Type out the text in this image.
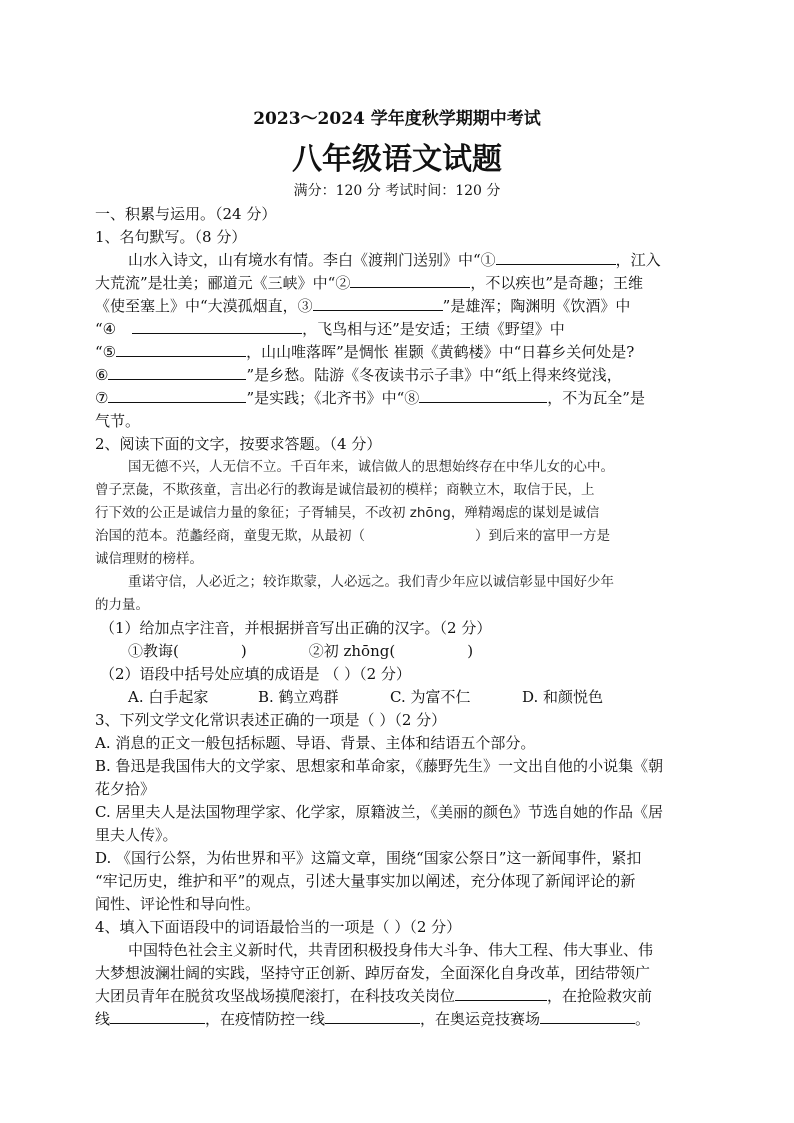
2023～2024 学年度秋学期期中考试
八年级语文试题
满分：120 分 考试时间：120 分
一、积累与运用。（24 分）
1、名句默写。（8 分）
山水入诗文，山有境水有情。李白《渡荆门送别》中“①	，江入
大荒流”是壮美；郦道元《三峡》中“②	，不以疾也”是奇趣；王维
《使至塞上》中“大漠孤烟直，③	”是雄浑；陶渊明《饮酒》中
“④	，飞鸟相与还”是安适；王绩《野望》中
“⑤	，山山唯落晖”是惆怅 崔颢《黄鹤楼》中“日暮乡关何处是?
⑥	”是乡愁。陆游《冬夜读书示子聿》中“纸上得来终觉浅，
⑦	”是实践；《北齐书》中“⑧	，不为瓦全”是
气节。
2、阅读下面的文字，按要求答题。（4 分）
国无德不兴，人无信不立。千百年来，诚信做人的思想始终存在中华儿女的心中。
曾子烹彘，不欺孩童，言出必行的教诲是诚信最初的模样；商鞅立木，取信于民，上
行下效的公正是诚信力量的象征；子胥辅吴，不改初 zhōng，殚精竭虑的谋划是诚信
治国的范本。范蠡经商，童叟无欺，从最初（	）到后来的富甲一方是
诚信理财的榜样。
重诺守信，人必近之；较诈欺蒙，人必远之。我们青少年应以诚信彰显中国好少年
的力量。
（1）给加点字注音，并根据拼音写出正确的汉字。（2 分）
①教诲(	)	②初 zhōng(	)
（2）语段中括号处应填的成语是 （ ）（2 分）
A. 白手起家	B. 鹤立鸡群	C. 为富不仁	D. 和颜悦色
3、下列文学文化常识表述正确的一项是（ ）（2 分）
A. 消息的正文一般包括标题、导语、背景、主体和结语五个部分。
B. 鲁迅是我国伟大的文学家、思想家和革命家，《藤野先生》一文出自他的小说集《朝
花夕拾》
C. 居里夫人是法国物理学家、化学家，原籍波兰，《美丽的颜色》节选自她的作品《居
里夫人传》。
D. 《国行公祭，为佑世界和平》这篇文章，围绕“国家公祭日”这一新闻事件，紧扣
“牢记历史，维护和平”的观点，引述大量事实加以阐述，充分体现了新闻评论的新
闻性、评论性和导向性。
4、填入下面语段中的词语最恰当的一项是（ ）（2 分）
中国特色社会主义新时代，共青团积极投身伟大斗争、伟大工程、伟大事业、伟
大梦想波澜壮阔的实践，坚持守正创新、踔厉奋发，全面深化自身改革，团结带领广
大团员青年在脱贫攻坚战场摸爬滚打，在科技攻关岗位	，在抢险救灾前
线	，在疫情防控一线	，在奥运竞技赛场	。
